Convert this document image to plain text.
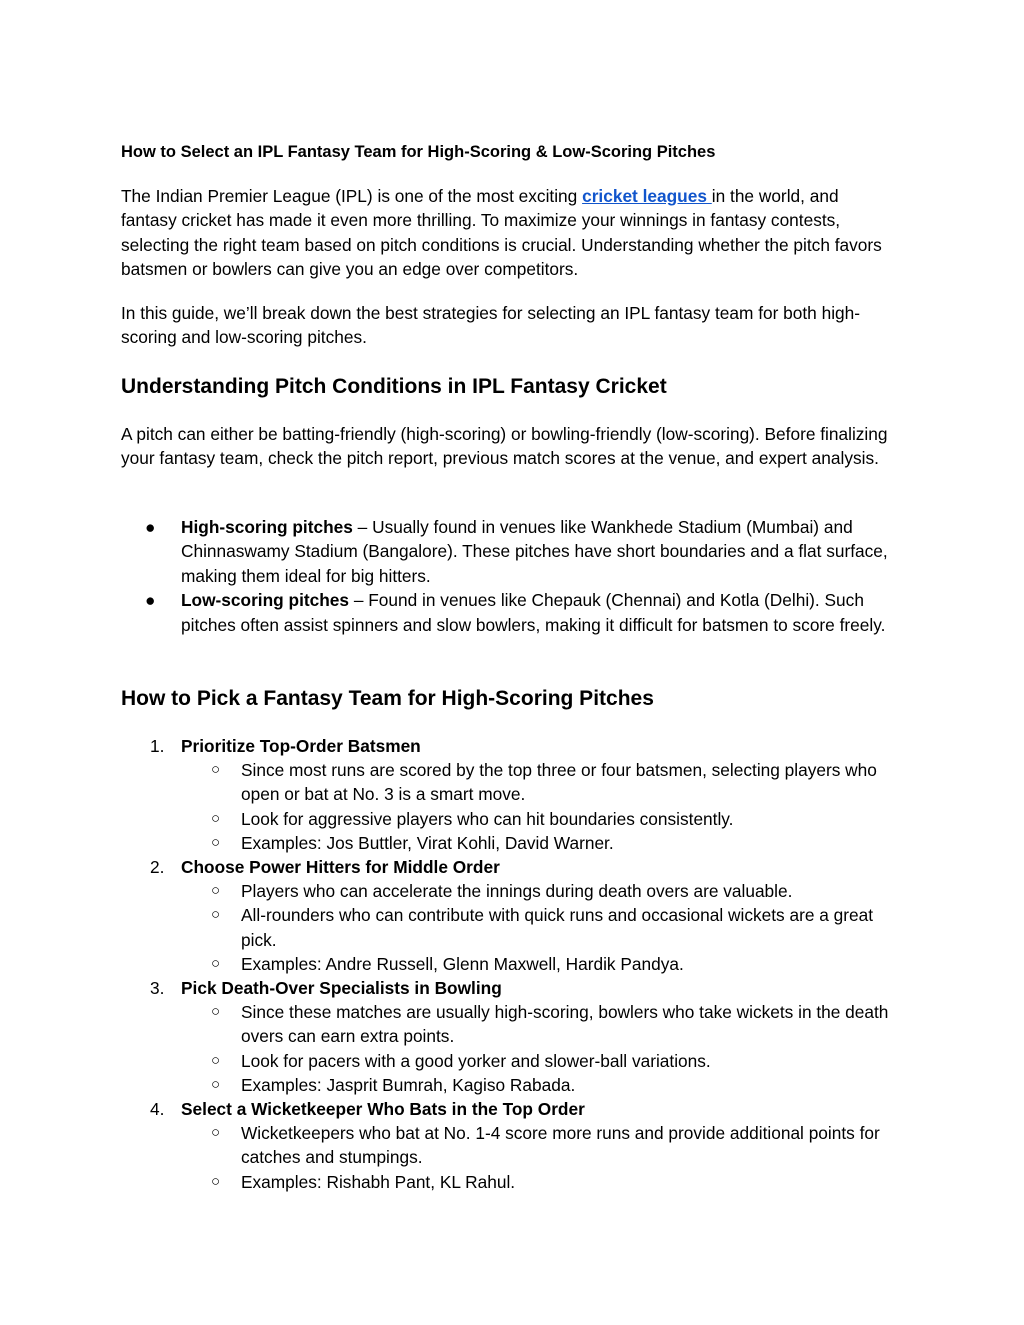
How to Select an IPL Fantasy Team for High-Scoring & Low-Scoring Pitches

The Indian Premier League (IPL) is one of the most exciting cricket leagues in the world, and fantasy cricket has made it even more thrilling. To maximize your winnings in fantasy contests, selecting the right team based on pitch conditions is crucial. Understanding whether the pitch favors batsmen or bowlers can give you an edge over competitors.

In this guide, we’ll break down the best strategies for selecting an IPL fantasy team for both high-scoring and low-scoring pitches.

Understanding Pitch Conditions in IPL Fantasy Cricket

A pitch can either be batting-friendly (high-scoring) or bowling-friendly (low-scoring). Before finalizing your fantasy team, check the pitch report, previous match scores at the venue, and expert analysis.

● High-scoring pitches – Usually found in venues like Wankhede Stadium (Mumbai) and Chinnaswamy Stadium (Bangalore). These pitches have short boundaries and a flat surface, making them ideal for big hitters.
● Low-scoring pitches – Found in venues like Chepauk (Chennai) and Kotla (Delhi). Such pitches often assist spinners and slow bowlers, making it difficult for batsmen to score freely.
How to Pick a Fantasy Team for High-Scoring Pitches
1. Prioritize Top-Order Batsmen
○ Since most runs are scored by the top three or four batsmen, selecting players who open or bat at No. 3 is a smart move.
○ Look for aggressive players who can hit boundaries consistently.
○ Examples: Jos Buttler, Virat Kohli, David Warner.
2. Choose Power Hitters for Middle Order
○ Players who can accelerate the innings during death overs are valuable.
○ All-rounders who can contribute with quick runs and occasional wickets are a great pick.
○ Examples: Andre Russell, Glenn Maxwell, Hardik Pandya.
3. Pick Death-Over Specialists in Bowling
○ Since these matches are usually high-scoring, bowlers who take wickets in the death overs can earn extra points.
○ Look for pacers with a good yorker and slower-ball variations.
○ Examples: Jasprit Bumrah, Kagiso Rabada.
4. Select a Wicketkeeper Who Bats in the Top Order
○ Wicketkeepers who bat at No. 1-4 score more runs and provide additional points for catches and stumpings.
○ Examples: Rishabh Pant, KL Rahul.
